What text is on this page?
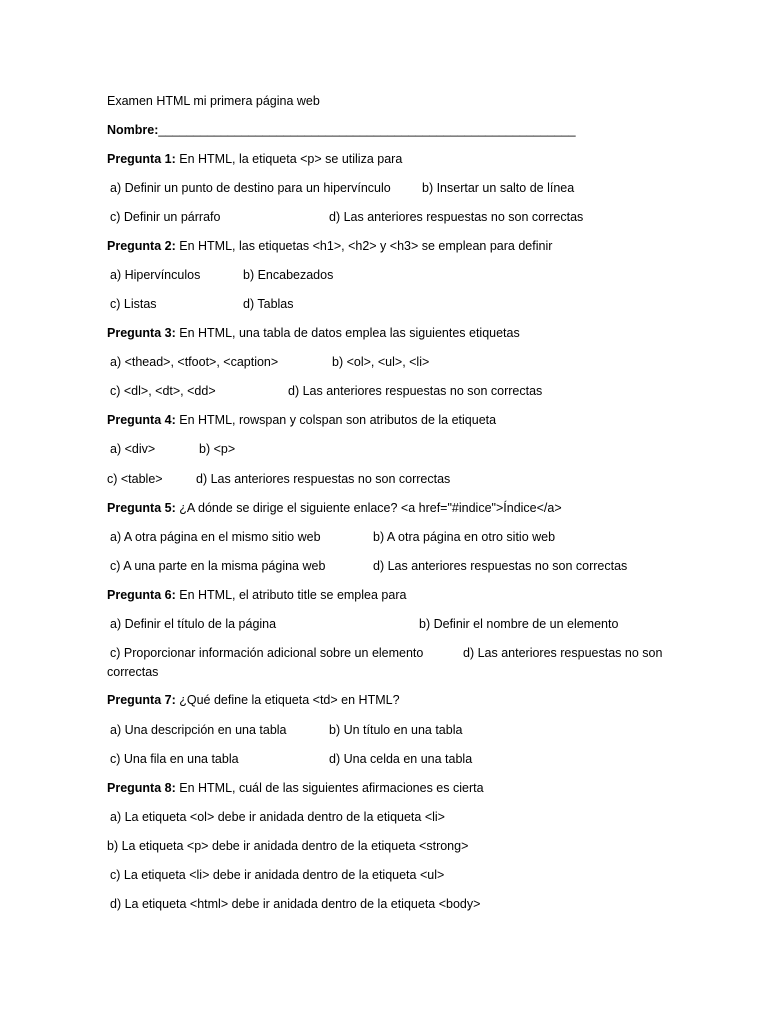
Examen HTML mi primera página web
Nombre:____________________________________________________________
Pregunta 1: En HTML, la etiqueta <p> se utiliza para
a) Definir un punto de destino para un hipervínculo	b) Insertar un salto de línea
c) Definir un párrafo	d) Las anteriores respuestas no son correctas
Pregunta 2: En HTML, las etiquetas <h1>, <h2> y <h3> se emplean para definir
a) Hipervínculos	b) Encabezados
c) Listas	d) Tablas
Pregunta 3: En HTML, una tabla de datos emplea las siguientes etiquetas
a) <thead>, <tfoot>, <caption>	b) <ol>, <ul>, <li>
c) <dl>, <dt>, <dd>	d) Las anteriores respuestas no son correctas
Pregunta 4: En HTML, rowspan y colspan son atributos de la etiqueta
a) <div>	b) <p>
c) <table>	d) Las anteriores respuestas no son correctas
Pregunta 5: ¿A dónde se dirige el siguiente enlace? <a href="#indice">Índice</a>
a) A otra página en el mismo sitio web	b) A otra página en otro sitio web
c) A una parte en la misma página web	d) Las anteriores respuestas no son correctas
Pregunta 6: En HTML, el atributo title se emplea para
a) Definir el título de la página	b) Definir el nombre de un elemento
c) Proporcionar información adicional sobre un elemento	d) Las anteriores respuestas no son
correctas
Pregunta 7: ¿Qué define la etiqueta <td> en HTML?
a) Una descripción en una tabla	b) Un título en una tabla
c) Una fila en una tabla	d) Una celda en una tabla
Pregunta 8: En HTML, cuál de las siguientes afirmaciones es cierta
a) La etiqueta <ol> debe ir anidada dentro de la etiqueta <li>
b) La etiqueta <p> debe ir anidada dentro de la etiqueta <strong>
c) La etiqueta <li> debe ir anidada dentro de la etiqueta <ul>
d) La etiqueta <html> debe ir anidada dentro de la etiqueta <body>
